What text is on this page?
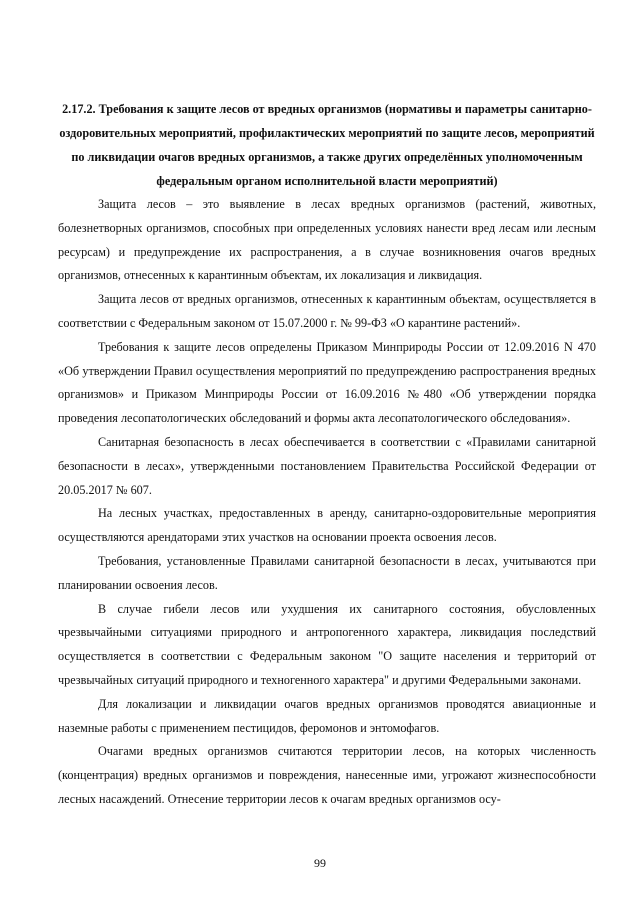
2.17.2. Требования к защите лесов от вредных организмов (нормативы и параметры санитарно-оздоровительных мероприятий, профилактических мероприятий по защите лесов, мероприятий по ликвидации очагов вредных организмов, а также других определённых уполномоченным федеральным органом исполнительной власти мероприятий)

Защита лесов – это выявление в лесах вредных организмов (растений, животных, болезнетворных организмов, способных при определенных условиях нанести вред лесам или лесным ресурсам) и предупреждение их распространения, а в случае возникновения очагов вредных организмов, отнесенных к карантинным объектам, их локализация и ликвидация.

Защита лесов от вредных организмов, отнесенных к карантинным объектам, осуществляется в соответствии с Федеральным законом от 15.07.2000 г. № 99-ФЗ «О карантине растений».

Требования к защите лесов определены Приказом Минприроды России от 12.09.2016 N 470 «Об утверждении Правил осуществления мероприятий по предупреждению распространения вредных организмов» и Приказом Минприроды России от 16.09.2016 №480 «Об утверждении порядка проведения лесопатологических обследований и формы акта лесопатологического обследования».

Санитарная безопасность в лесах обеспечивается в соответствии с «Правилами санитарной безопасности в лесах», утвержденными постановлением Правительства Российской Федерации от 20.05.2017 № 607.

На лесных участках, предоставленных в аренду, санитарно-оздоровительные мероприятия осуществляются арендаторами этих участков на основании проекта освоения лесов.

Требования, установленные Правилами санитарной безопасности в лесах, учитываются при планировании освоения лесов.

В случае гибели лесов или ухудшения их санитарного состояния, обусловленных чрезвычайными ситуациями природного и антропогенного характера, ликвидация последствий осуществляется в соответствии с Федеральным законом "О защите населения и территорий от чрезвычайных ситуаций природного и техногенного характера" и другими Федеральными законами.

Для локализации и ликвидации очагов вредных организмов проводятся авиационные и наземные работы с применением пестицидов, феромонов и энтомофагов.

Очагами вредных организмов считаются территории лесов, на которых численность (концентрация) вредных организмов и повреждения, нанесенные ими, угрожают жизнеспособности лесных насаждений. Отнесение территории лесов к очагам вредных организмов осу-

99
